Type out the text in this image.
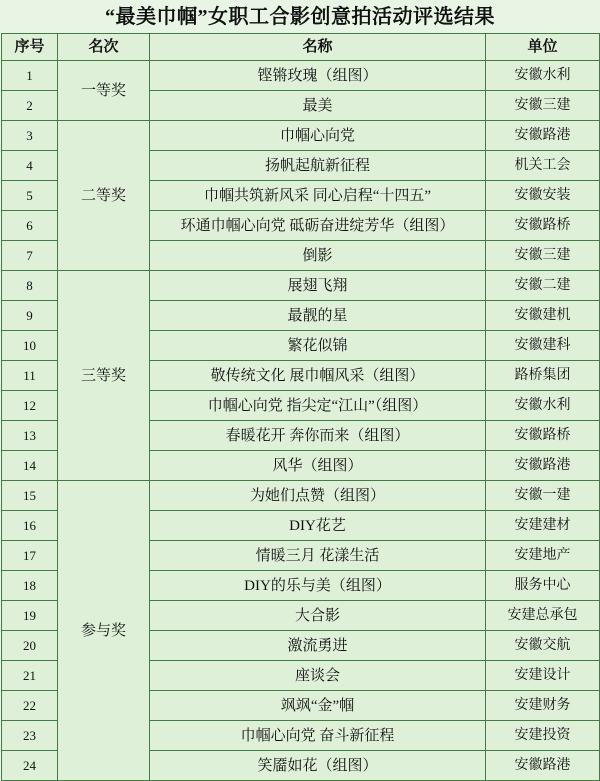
“最美巾帼”女职工合影创意拍活动评选结果
序号	名次	名称	单位
1	一等奖	铿锵玫瑰（组图）	安徽水利
2		最美	安徽三建
3	二等奖	巾帼心向党	安徽路港
4		扬帆起航新征程	机关工会
5		巾帼共筑新风采 同心启程“十四五”	安徽安装
6		环通巾帼心向党 砥砺奋进绽芳华（组图）	安徽路桥
7		倒影	安徽三建
8	三等奖	展翅飞翔	安徽二建
9		最靓的星	安徽建机
10		繁花似锦	安徽建科
11		敬传统文化 展巾帼风采（组图）	路桥集团
12		巾帼心向党 指尖定“江山”（组图）	安徽水利
13		春暖花开 奔你而来（组图）	安徽路桥
14		风华（组图）	安徽路港
15	参与奖	为她们点赞（组图）	安徽一建
16		DIY花艺	安建建材
17		情暖三月 花漾生活	安建地产
18		DIY的乐与美（组图）	服务中心
19		大合影	安建总承包
20		激流勇进	安徽交航
21		座谈会	安建设计
22		飒飒“金”帼	安建财务
23		巾帼心向党 奋斗新征程	安建投资
24		笑靥如花（组图）	安徽路港
